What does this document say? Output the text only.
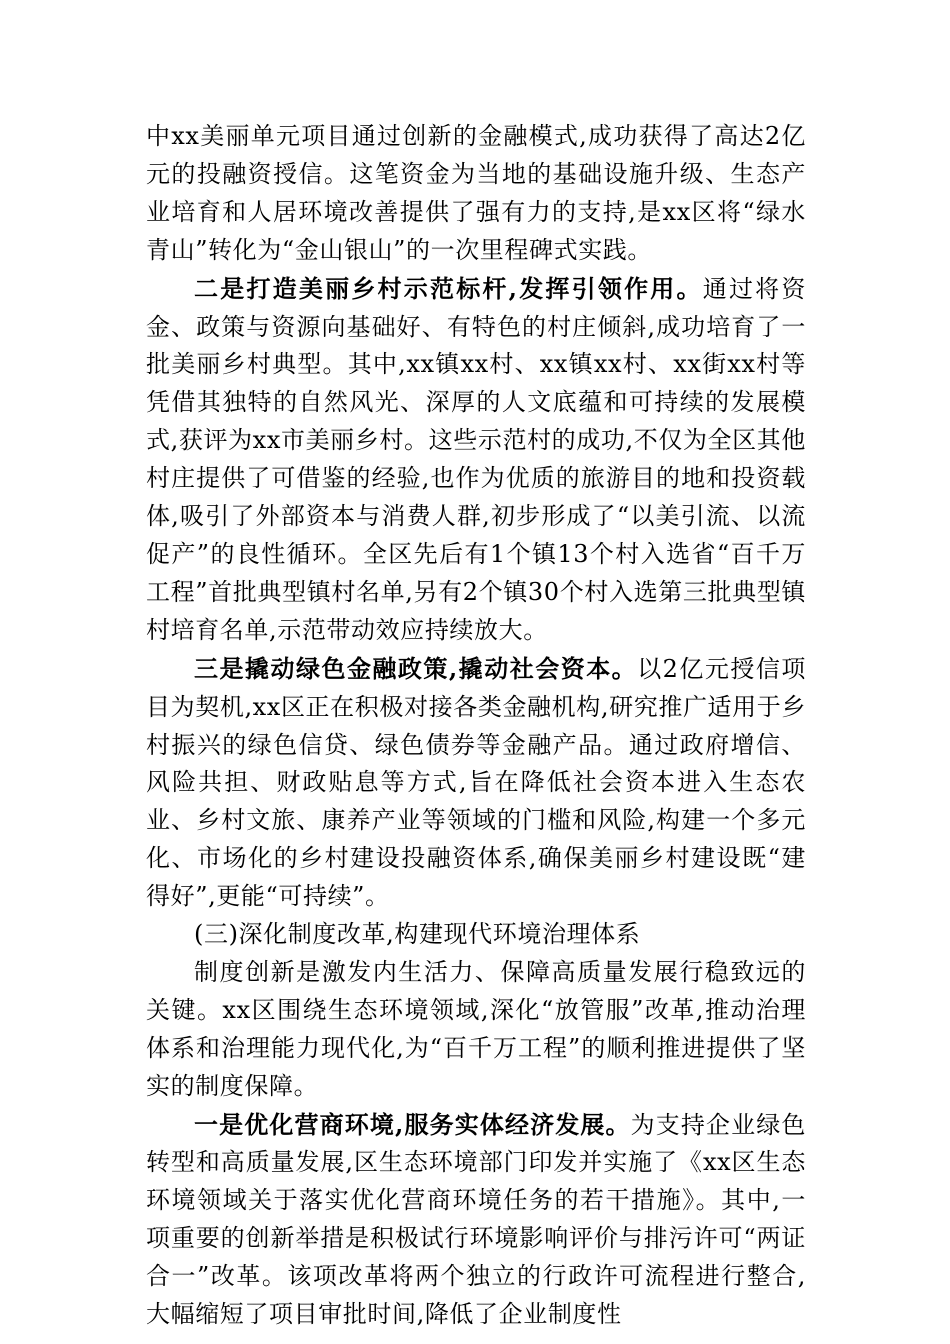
中xx美丽单元项目通过创新的金融模式,成功获得了高达2亿元的投融资授信。这笔资金为当地的基础设施升级、生态产业培育和人居环境改善提供了强有力的支持,是xx区将“绿水青山”转化为“金山银山”的一次里程碑式实践。

二是打造美丽乡村示范标杆,发挥引领作用。通过将资金、政策与资源向基础好、有特色的村庄倾斜,成功培育了一批美丽乡村典型。其中,xx镇xx村、xx镇xx村、xx街xx村等凭借其独特的自然风光、深厚的人文底蕴和可持续的发展模式,获评为xx市美丽乡村。这些示范村的成功,不仅为全区其他村庄提供了可借鉴的经验,也作为优质的旅游目的地和投资载体,吸引了外部资本与消费人群,初步形成了“以美引流、以流促产”的良性循环。全区先后有1个镇13个村入选省“百千万工程”首批典型镇村名单,另有2个镇30个村入选第三批典型镇村培育名单,示范带动效应持续放大。

三是撬动绿色金融政策,撬动社会资本。以2亿元授信项目为契机,xx区正在积极对接各类金融机构,研究推广适用于乡村振兴的绿色信贷、绿色债券等金融产品。通过政府增信、风险共担、财政贴息等方式,旨在降低社会资本进入生态农业、乡村文旅、康养产业等领域的门槛和风险,构建一个多元化、市场化的乡村建设投融资体系,确保美丽乡村建设既“建得好”,更能“可持续”。

(三)深化制度改革,构建现代环境治理体系

制度创新是激发内生活力、保障高质量发展行稳致远的关键。xx区围绕生态环境领域,深化“放管服”改革,推动治理体系和治理能力现代化,为“百千万工程”的顺利推进提供了坚实的制度保障。

一是优化营商环境,服务实体经济发展。为支持企业绿色转型和高质量发展,区生态环境部门印发并实施了《xx区生态环境领域关于落实优化营商环境任务的若干措施》。其中,一项重要的创新举措是积极试行环境影响评价与排污许可“两证合一”改革。该项改革将两个独立的行政许可流程进行整合,大幅缩短了项目审批时间,降低了企业制度性
